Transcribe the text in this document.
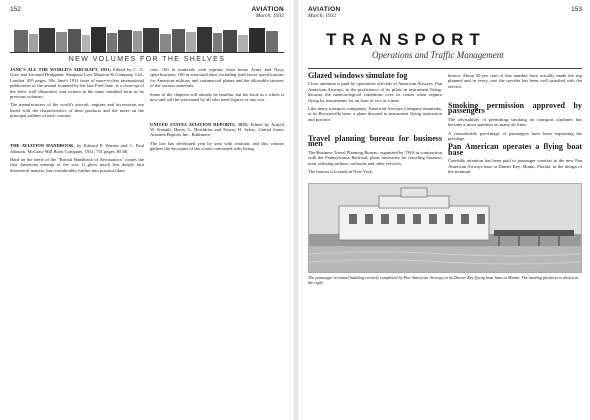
152	AVIATION
March, 1932
NEW VOLUMES FOR THE SHELVES

JANE'S ALL THE WORLD'S AIRCRAFT, 1931; Edited by C. G. Grey and Leonard Bridgman. Sampson Low Marston & Company, Ltd., London. 495 pages, 30s. Jane's 1931 issue of more-or-less international publication of the annual founded by the late Fred Jane, is a close-up of the field, well illustrated, and written in the same standard form as its previous volumes.

The manufacturers of the world's aircraft, engines and accessories are listed with the characteristics of their products and the notes on the principal airlines of each country.

THE AVIATION HANDBOOK, by Edward P. Warner and C. Paul Johnson. McGraw-Hill Book Company, 1931; 731 pages, $5.00.

Hard on the heels of the "British Handbook of Aeronautics" comes the first American attempt of the sort. It gives much less deeply into theoretical matters, but considerably further into practical data.

cent, 100 in materials with reprints from home Army and Navy specifications, 100 in structural data, including load factor specifications for American military and commercial planes and the allowable stresses of the various materials.

Some of the chapters will already be familiar, but the book as a whole is new and will be welcomed by all who need figures of any sort.

UNITED STATES AVIATION REPORTS, 1931; Edited by Arnold W. Knauth, Henry G. Hotchkiss and Emery H. Sykes. United States Aviation Reports Inc., Baltimore.

The law has developed year by year with aviation, and this volume gathers the decisions of the courts concerned with flying.

AVIATION
March, 1932
153
TRANSPORT
Operations and Traffic Management
Glazed windows simulate fog

Close attention is paid by operations officials of American Airways, Pan American Airways, to the proficiency of its pilots in instrument flying, because the meteorological conditions over its routes often require flying by instruments for an hour or two at a time.

Like many transport companies, American Airways Company maintains, at its Brownsville base, a plane devoted to instrument flying instruction and practice.

Travel planning bureau for business men

The Business Travel Planning Bureau, organized by TWA in conjunction with the Pennsylvania Railroad, plans itineraries for traveling business men, utilizing airlines, railroads and other services.

The bureau is located in New York.

button. About 20 per cent of this number have actually made the trip planned and in every case the traveler has been well satisfied with the service.

Smoking permission approved by passengers

The advisability of permitting smoking on transport airplanes has become a moot question on many air lines.

A considerable percentage of passengers have been requesting the privilege.

Pan American operates a flying boat base

Carefully attention has been paid to passenger comfort in the new Pan American Airways base at Dinner Key, Miami, Florida, in the design of the terminal.

The passenger terminal building recently completed by Pan American Airways at its Dinner Key flying boat base at Miami. The landing platform is shown at the right.
